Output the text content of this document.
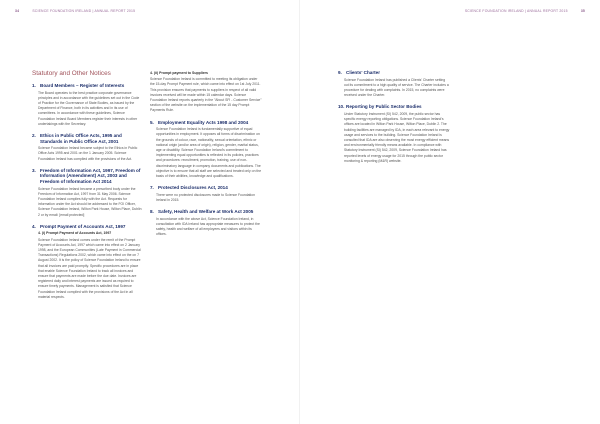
34	SCIENCE FOUNDATION IRELAND | ANNUAL REPORT 2015
Statutory and Other Notices
1. Board Members – Register of Interests

The Board operates to the best practice corporate governance principles and in accordance with the guidelines set out in the Code of Practice for the Governance of State Bodies, as issued by the Department of Finance, both in its activities and in its use of committees. In accordance with these guidelines, Science Foundation Ireland Board Members register their interests in other undertakings with the Secretary.

2. Ethics in Public Office Acts, 1995 and Standards in Public Office Act, 2001

Science Foundation Ireland became subject to the Ethics in Public Office Acts 1995 and 2001 on the 1 January 2005. Science Foundation Ireland has complied with the provisions of the Act.

3. Freedom of Information Act, 1997, Freedom of Information (Amendment) Act, 2003 and Freedom of Information Act 2014

Science Foundation Ireland became a prescribed body under the Freedom of Information Act, 1997 from 31 May 2006. Science Foundation Ireland complies fully with the Act. Requests for information under the Act should be addressed to the FOI Officer, Science Foundation Ireland, Wilton Park House, Wilton Place, Dublin 2 or by email: [email protected]

4. Prompt Payment of Accounts Act, 1997
4. (i) Prompt Payment of Accounts Act, 1997

Science Foundation Ireland comes under the remit of the Prompt Payment of Accounts Act, 1997 which came into effect on 2 January 1998, and the European Communities (Late Payment in Commercial Transactions) Regulations 2002, which came into effect on the on 7 August 2002. It is the policy of Science Foundation Ireland to ensure that all invoices are paid promptly. Specific procedures are in place that enable Science Foundation Ireland to track all invoices and ensure that payments are made before the due date. Invoices are registered daily and interest payments are issued as required to ensure timely payments. Management is satisfied that Science Foundation Ireland complied with the provisions of the Act in all material respects.

4. (ii) Prompt payment to Suppliers

Science Foundation Ireland is committed to meeting its obligation under the 15-day Prompt Payment rule, which came into effect on 1st July 2011. This provision ensures that payments to suppliers in respect of all valid invoices received will be made within 15 calendar days. Science Foundation Ireland reports quarterly in the "About SFI - Customer Service" section of the website on the implementation of the 15 day Prompt Payments Rule.

5. Employment Equality Acts 1998 and 2004

Science Foundation Ireland is fundamentally supportive of equal opportunities in employment. It opposes all forms of discrimination on the grounds of colour, race, nationality, sexual orientation, ethnic or national origin (and/or area of origin), religion, gender, marital status, age or disability. Science Foundation Ireland's commitment to implementing equal opportunities is reflected in its policies, practices and procedures: recruitment, promotion, training, use of non-discriminatory language in company documents and publications. The objective is to ensure that all staff are selected and treated only on the basis of their abilities, knowledge and qualifications.

7. Protected Disclosures Act, 2014

There were no protected disclosures made to Science Foundation Ireland in 2015.

8. Safety, Health and Welfare at Work Act 2005

In accordance with the above Act, Science Foundation Ireland, in consultation with IDA Ireland has appropriate measures to protect the safety, health and welfare of all employees and visitors within its offices.

SCIENCE FOUNDATION IRELAND | ANNUAL REPORT 2015	35
9. Clients' Charter

Science Foundation Ireland has published a Clients' Charter setting out its commitment to a high quality of service. The Charter includes a procedure for dealing with complaints. In 2015, no complaints were received under the Charter.

10. Reporting by Public Sector Bodies

Under Statutory Instrument (SI) 542, 2009, the public sector has specific energy reporting obligations. Science Foundation Ireland's offices are located in Wilton Park House, Wilton Place, Dublin 2. The building facilities are managed by IDA, in each area relevant to energy usage and services to the building. Science Foundation Ireland is consulted that IDA are also observing the most energy efficient means and environmentally friendly means available. In compliance with Statutory Instrument (SI) 542, 2009, Science Foundation Ireland has reported levels of energy usage for 2015 through the public sector monitoring & reporting (M&R) website.
